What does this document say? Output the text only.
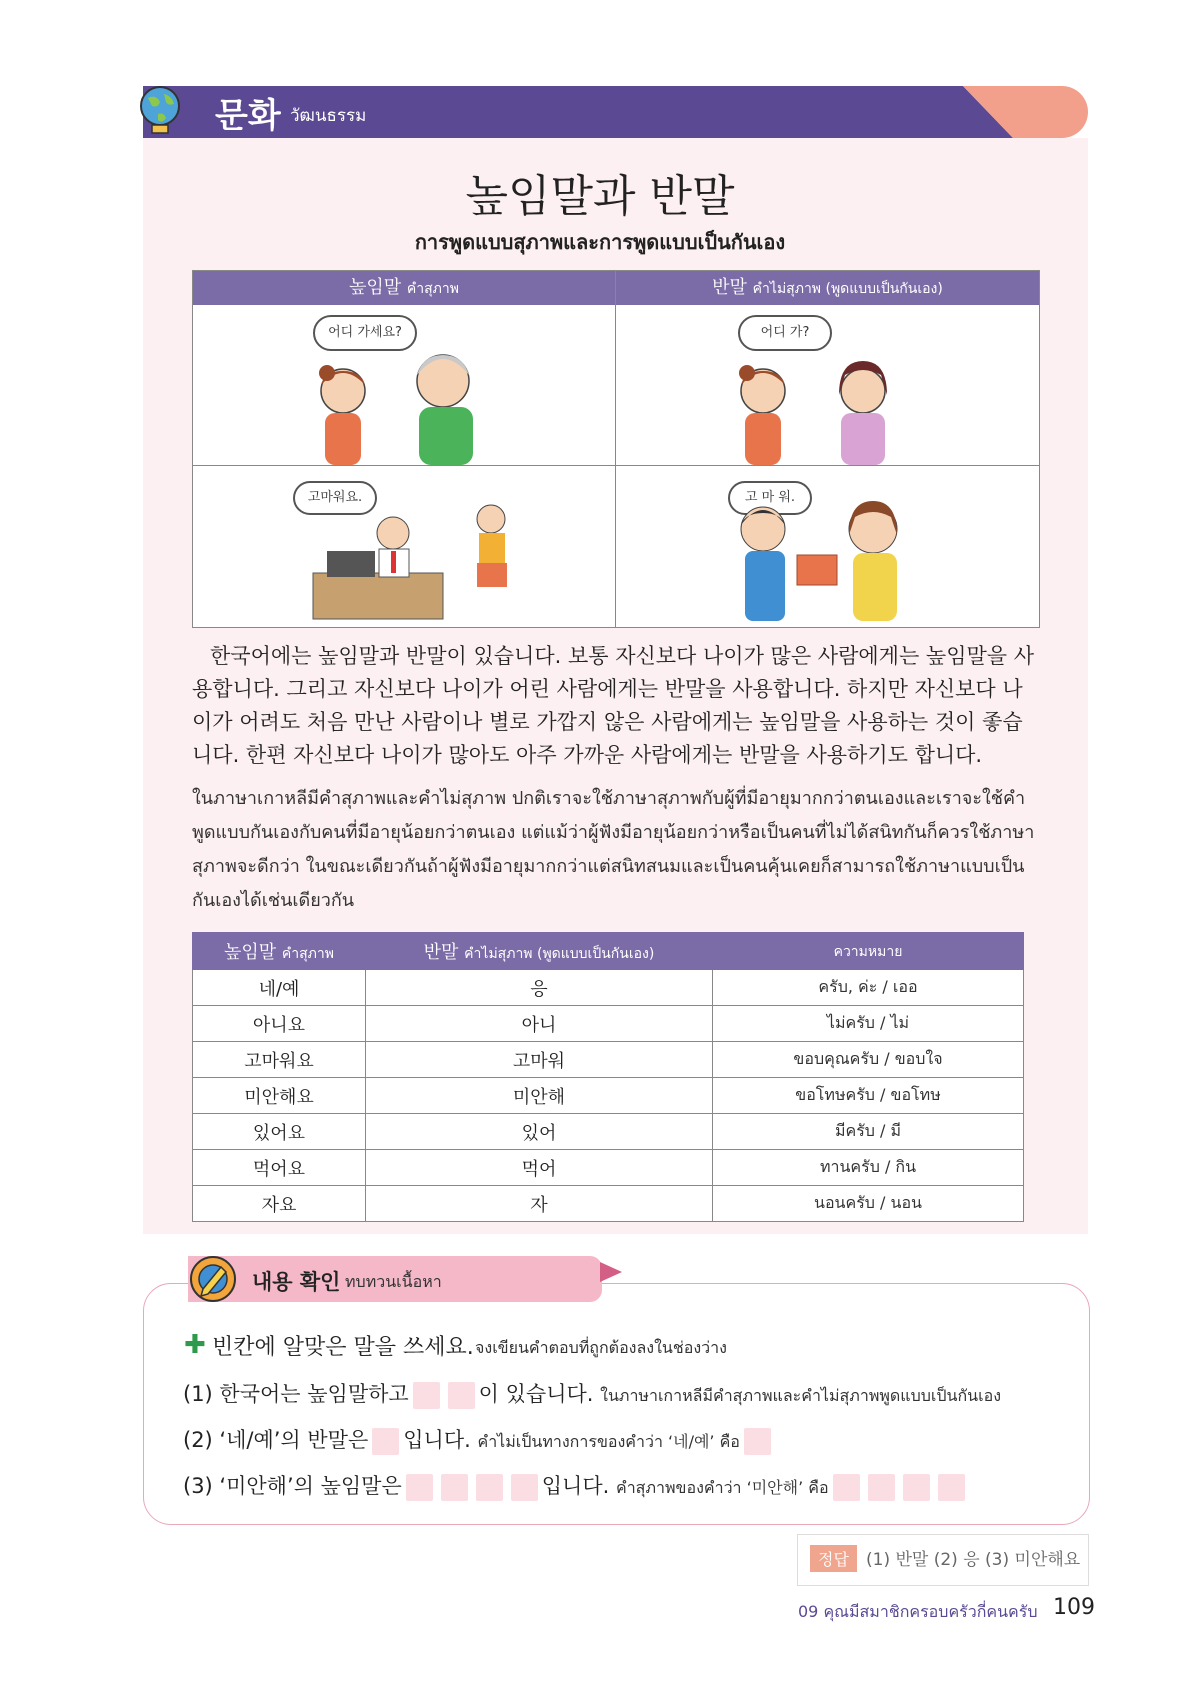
문화 วัฒนธรรม
높임말과 반말
การพูดแบบสุภาพและการพูดแบบเป็นกันเอง
높임말 คำสุภาพ	반말 คำไม่สุภาพ (พูดแบบเป็นกันเอง)
어디 가세요?	어디 가?
고마워요.	고 마 워.
한국어에는 높임말과 반말이 있습니다. 보통 자신보다 나이가 많은 사람에게는 높임말을 사용합니다. 그리고 자신보다 나이가 어린 사람에게는 반말을 사용합니다. 하지만 자신보다 나이가 어려도 처음 만난 사람이나 별로 가깝지 않은 사람에게는 높임말을 사용하는 것이 좋습니다. 한편 자신보다 나이가 많아도 아주 가까운 사람에게는 반말을 사용하기도 합니다.
ในภาษาเกาหลีมีคำสุภาพและคำไม่สุภาพ ปกติเราจะใช้ภาษาสุภาพกับผู้ที่มีอายุมากกว่าตนเองและเราจะใช้คำพูดแบบกันเองกับคนที่มีอายุน้อยกว่าตนเอง แต่แม้ว่าผู้ฟังมีอายุน้อยกว่าหรือเป็นคนที่ไม่ได้สนิทกันก็ควรใช้ภาษาสุภาพจะดีกว่า ในขณะเดียวกันถ้าผู้ฟังมีอายุมากกว่าแต่สนิทสนมและเป็นคนคุ้นเคยก็สามารถใช้ภาษาแบบเป็นกันเองได้เช่นเดียวกัน
높임말 คำสุภาพ	반말 คำไม่สุภาพ (พูดแบบเป็นกันเอง)	ความหมาย
네/예	응	ครับ, ค่ะ / เออ
아니요	아니	ไม่ครับ / ไม่
고마워요	고마워	ขอบคุณครับ / ขอบใจ
미안해요	미안해	ขอโทษครับ / ขอโทษ
있어요	있어	มีครับ / มี
먹어요	먹어	ทานครับ / กิน
자요	자	นอนครับ / นอน
내용 확인 ทบทวนเนื้อหา
✚ 빈칸에 알맞은 말을 쓰세요. จงเขียนคำตอบที่ถูกต้องลงในช่องว่าง
(1) 한국어는 높임말하고	이 있습니다. ในภาษาเกาหลีมีคำสุภาพและคำไม่สุภาพพูดแบบเป็นกันเอง
(2) ‘네/예’의 반말은 입니다. คำไม่เป็นทางการของคำว่า ‘네/예’ คือ
(3) ‘미안해’의 높임말은	입니다. คำสุภาพของคำว่า ‘미안해’ คือ
정답	(1) 반말 (2) 응 (3) 미안해요
09 คุณมีสมาชิกครอบครัวกี่คนครับ 109
